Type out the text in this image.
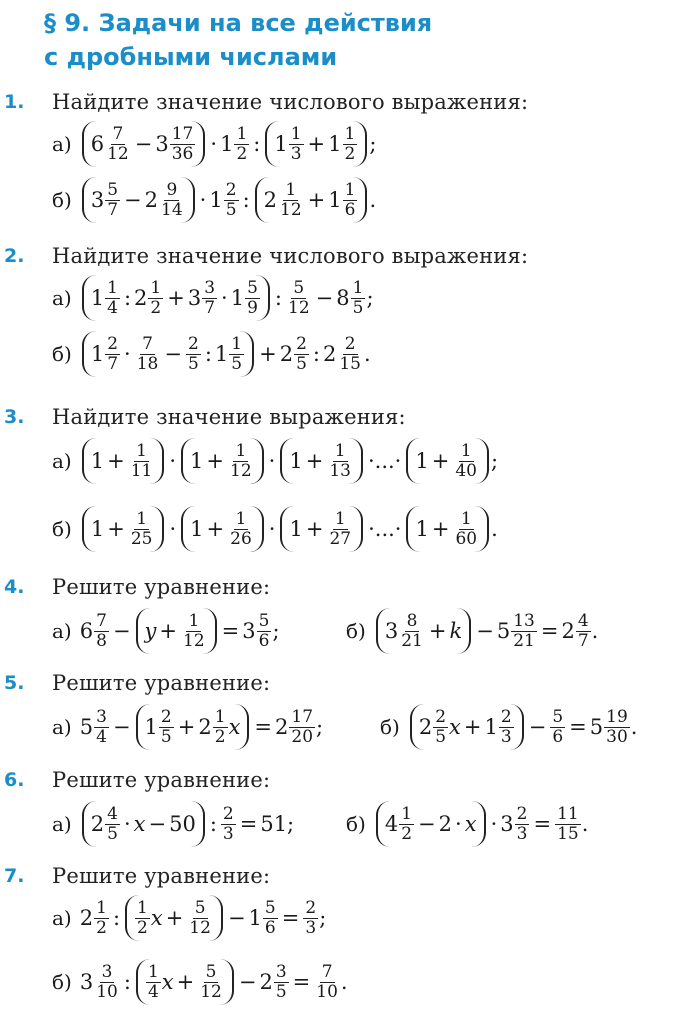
§ 9. Задачи на все действия
с дробными числами
1. Найдите значение числового выражения:
а) $6 \frac{7}{12} - 3 \frac{17}{36} \cdot 1 \frac{1}{2}$ : $1 \frac{1}{3} + 1 \frac{1}{2}$ ;
б) $3 \frac{5}{7} - 2 \frac{9}{14} \cdot 1 \frac{2}{5}$ : $2 \frac{1}{12} + 1 \frac{1}{6}$ .
2. Найдите значение числового выражения:
а) $1 \frac{1}{4}$ : $2 \frac{1}{2} + 3 \frac{3}{7} \cdot 1 \frac{5}{9}$ : $\frac{5}{12} - 8 \frac{1}{5}$ ;
б) $1 \frac{2}{7} \cdot \frac{7}{18} - \frac{2}{5}$ : $1 \frac{1}{5} + 2 \frac{2}{5}$ : $2 \frac{2}{15}$ .
3. Найдите значение выражения:
а) $1 + \frac{1}{11} \cdot 1 + \frac{1}{12} \cdot 1 + \frac{1}{13}$ ·...· $1 + \frac{1}{40}$ ;
б) $1 + \frac{1}{25} \cdot 1 + \frac{1}{26} \cdot 1 + \frac{1}{27}$ ·...· $1 + \frac{1}{60}$ .
4. Решите уравнение:
а) $6 \frac{7}{8} - y + \frac{1}{12} = 3 \frac{5}{6}$ ;	б) $3 \frac{8}{21} + k - 5 \frac{13}{21} = 2 \frac{4}{7}$ .
5. Решите уравнение:
а) $5 \frac{3}{4} - 1 \frac{2}{5} + 2 \frac{1}{2}$ $x = 2 \frac{17}{20}$ ;	б) $2 \frac{2}{5}$ $x + 1 \frac{2}{3} - \frac{5}{6} = 5 \frac{19}{30}$ .
6. Решите уравнение:
а) $2 \frac{4}{5} \cdot x - 50$ : $\frac{2}{3} = 51$;	б) $4 \frac{1}{2} - 2 \cdot x \cdot 3 \frac{2}{3} = \frac{11}{15}$ .
7. Решите уравнение:
а) $2 \frac{1}{2}$ : $\frac{1}{2}$ $x + \frac{5}{12} - 1 \frac{5}{6} = \frac{2}{3}$ ;
б) $3 \frac{3}{10}$ : $\frac{1}{4}$ $x + \frac{5}{12} - 2 \frac{3}{5} = \frac{7}{10}$ .
